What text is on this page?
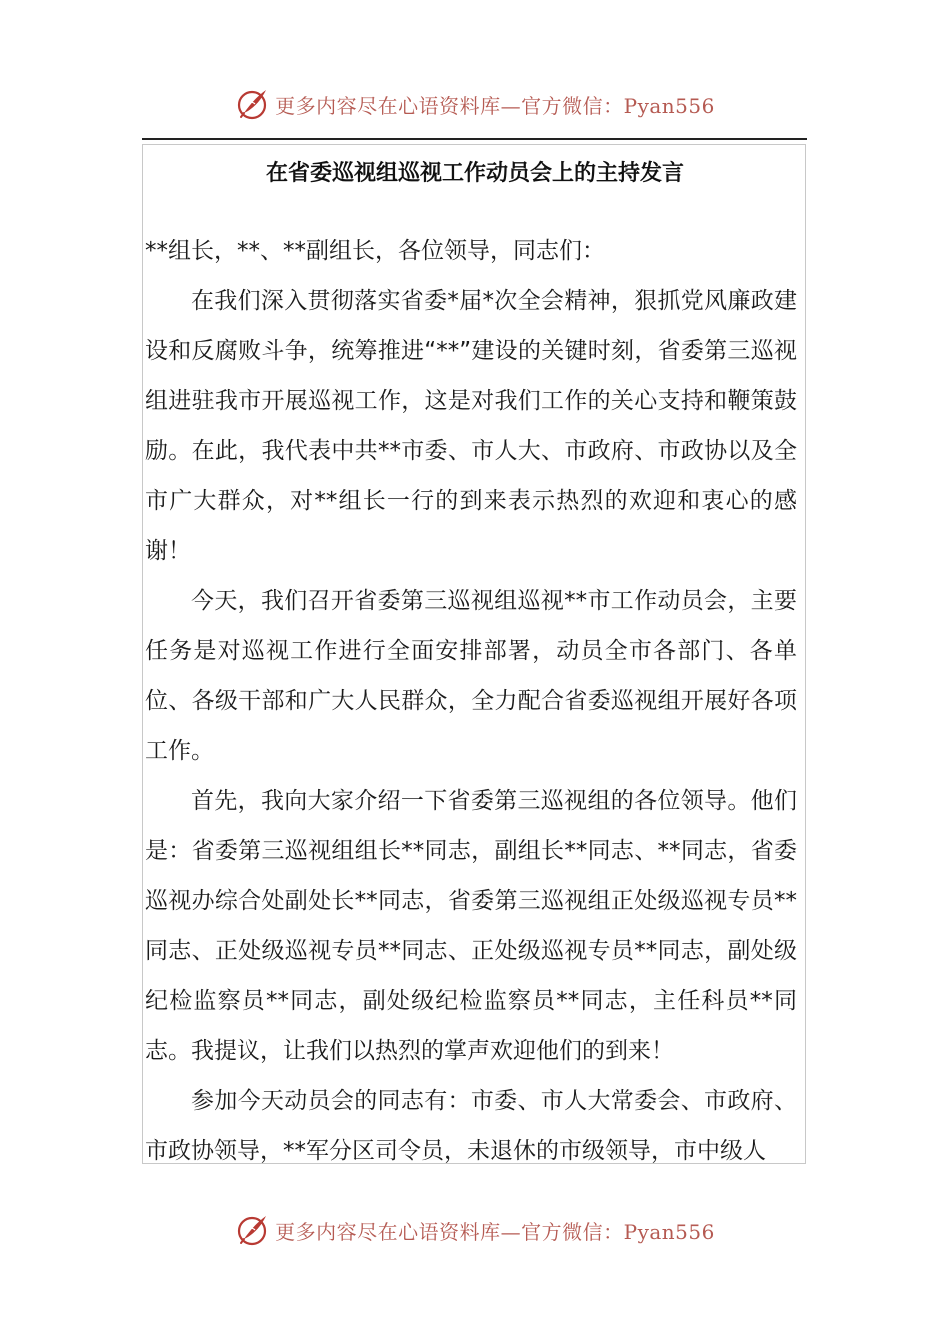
更多内容尽在心语资料库—官方微信：Pyan556
在省委巡视组巡视工作动员会上的主持发言

**组长，**、**副组长，各位领导，同志们：

在我们深入贯彻落实省委*届*次全会精神，狠抓党风廉政建设和反腐败斗争，统筹推进“**”建设的关键时刻，省委第三巡视组进驻我市开展巡视工作，这是对我们工作的关心支持和鞭策鼓励。在此，我代表中共**市委、市人大、市政府、市政协以及全市广大群众，对**组长一行的到来表示热烈的欢迎和衷心的感谢！

今天，我们召开省委第三巡视组巡视**市工作动员会，主要任务是对巡视工作进行全面安排部署，动员全市各部门、各单位、各级干部和广大人民群众，全力配合省委巡视组开展好各项工作。

首先，我向大家介绍一下省委第三巡视组的各位领导。他们是：省委第三巡视组组长**同志，副组长**同志、**同志，省委巡视办综合处副处长**同志，省委第三巡视组正处级巡视专员**同志、正处级巡视专员**同志、正处级巡视专员**同志，副处级纪检监察员**同志，副处级纪检监察员**同志，主任科员**同志。我提议，让我们以热烈的掌声欢迎他们的到来！

参加今天动员会的同志有：市委、市人大常委会、市政府、市政协领导，**军分区司令员，未退休的市级领导，市中级人

更多内容尽在心语资料库—官方微信：Pyan556
